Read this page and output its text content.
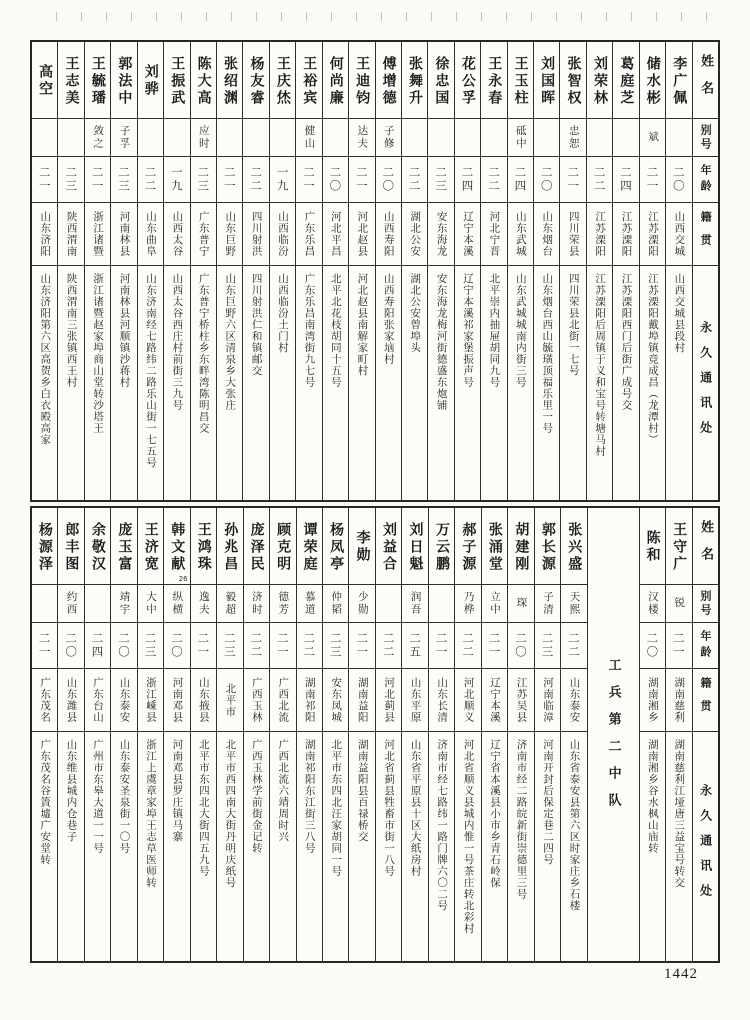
姓名
别号
年龄
籍贯
永久通讯处
李广佩
二〇
山西交城
山西交城县段村
储水彬
斌
二一
江苏溧阳
江苏溧阳戴埠镇竞成昌（龙潭村）
葛庭芝
二四
江苏溧阳
江苏溧阳西门后街广成号交
刘荣林
二二
江苏溧阳
江苏溧阳后周镇于义和宝号转塘马村
张智权
忠恕
二一
四川荣县
四川荣县北街一七号
刘国晖
二〇
山东烟台
山东烟台西山毓璜顶福乐里一号
王玉柱
砥中
二四
山东武城
山东武城城南内街三号
王永春
二二
河北宁晋
北平崇内抽屉胡同九号
花公孚
二四
辽宁本溪
辽宁本溪祁家堡振声号
徐忠国
二三
安东海龙
安东海龙梅河街德盛东炮铺
张舞升
二二
湖北公安
湖北公安曾埠头
傅增德
子修
二〇
山西寿阳
山西寿阳张家垴村
王迪钧
达夫
二一
河北赵县
河北赵县南解家町村
何尚廉
二〇
河北平昌
北平北花枝胡同十五号
王裕宾
健山
二一
广东乐昌
广东乐昌南湾街九七号
王庆烋
一九
山西临汾
山西临汾土门村
杨友睿
二二
四川射洪
四川射洪仁和镇邮交
张绍渊
二一
山东巨野
山东巨野六区清泉乡大张庄
陈大高
应时
二三
广东普宁
广东普宁桥柱乡东畔湾陈明昌交
王振武
一九
山西太谷
山西太谷西庄村前街三九号
刘骅
二二
山东曲阜
山东济南经七路纬二路乐山街一七五号
郭法中
子孚
二三
河南林县
河南林县河顺镇沙蒋村
王毓璠
敛之
二一
浙江诸暨
浙江诸暨赵家埠商山堂转沙塔王
王志美
二三
陕西渭南
陕西渭南三张镇西王村
高空
二一
山东济阳
山东济阳第六区高贺乡白衣殿高家
姓名
别号
年龄
籍贯
永久通讯处
王守广
锐
二一
湖南慈利
湖南慈利江垭唐三益宝号转交
陈和
汉楼
二〇
湖南湘乡
湖南湘乡谷水枫山庙转
工兵第二中队
张兴盛
天熙
二二
山东泰安
山东省泰安县第六区时家庄乡石楼
郭长源
子清
二三
河南临漳
河南开封后保定巷二四号
胡建刚
琛
二〇
江苏吴县
济南市经二路皖新街崇德里三号
张涌堂
立中
二一
辽宁本溪
辽宁省本溪县小市乡青石岭保
郝子源
乃桦
二二
河北顺义
河北省顺义县城内惟一号茶庄转北彩村
万云鹏
二一
山东长清
济南市经七路纬一路门牌六〇二号
刘日魁
润吾
二五
山东平原
山东省平原县十区大纸房村
刘益合
二二
河北蓟县
河北省蓟县牲畜市街一八号
李勋
少勋
二一
湖南益阳
湖南益阳县百禄桥交
杨凤亭
仲韬
二三
安东凤城
北平市东四北汪家胡同一号
谭荣庭
慕道
二二
湖南祁阳
湖南祁阳东江街三八号
顾克明
德芳
二一
广西北流
广西北流六靖周时兴
庞泽民
济时
二二
广西玉林
广西玉林学前街金记转
孙兆昌
毅超
二三
北平市
北平市西四南大街丹明庆纸号
王鸿珠
逸夫
二一
山东掖县
北平市东四北大街四五九号
韩文献
26
纵横
二〇
河南邓县
河南邓县罗庄镇马寨
王济宽
大中
二三
浙江嵊县
浙江上虞章家埠王志草医师转
庞玉富
靖宇
二〇
山东泰安
山东泰安圣泉街一〇号
余敬汉
二四
广东台山
广州市东皋大道一一号
郎丰图
约西
二〇
山东潍县
山东维县城内仓巷子
杨源泽
二一
广东茂名
广东茂名谷篢墟广安堂转
1442
